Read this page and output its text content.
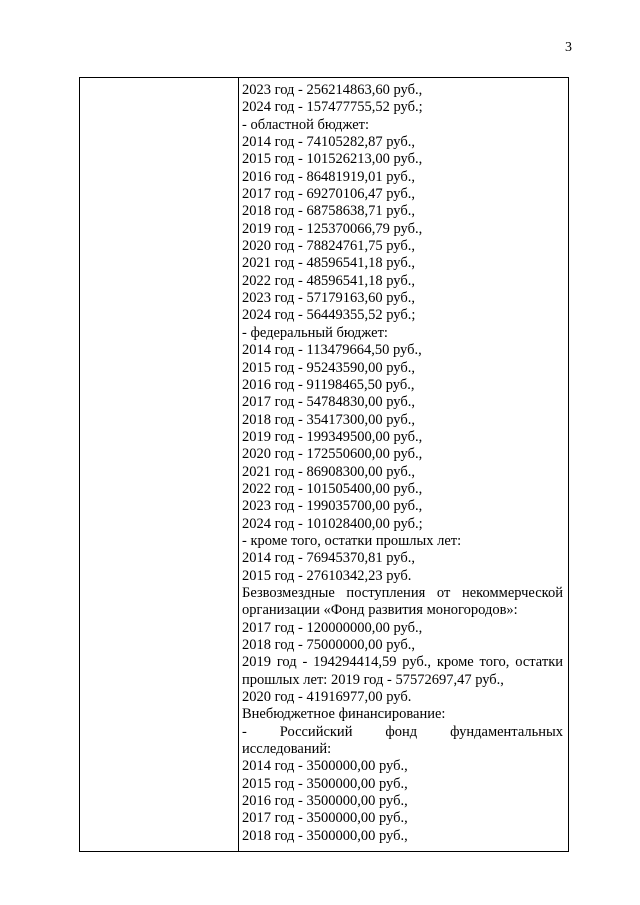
3
2023 год - 256214863,60 руб.,
2024 год - 157477755,52 руб.;
- областной бюджет:
2014 год - 74105282,87 руб.,
2015 год - 101526213,00 руб.,
2016 год - 86481919,01 руб.,
2017 год - 69270106,47 руб.,
2018 год - 68758638,71 руб.,
2019 год - 125370066,79 руб.,
2020 год - 78824761,75 руб.,
2021 год - 48596541,18 руб.,
2022 год - 48596541,18 руб.,
2023 год - 57179163,60 руб.,
2024 год - 56449355,52 руб.;
- федеральный бюджет:
2014 год - 113479664,50 руб.,
2015 год - 95243590,00 руб.,
2016 год - 91198465,50 руб.,
2017 год - 54784830,00 руб.,
2018 год - 35417300,00 руб.,
2019 год - 199349500,00 руб.,
2020 год - 172550600,00 руб.,
2021 год - 86908300,00 руб.,
2022 год - 101505400,00 руб.,
2023 год - 199035700,00 руб.,
2024 год - 101028400,00 руб.;
- кроме того, остатки прошлых лет:
2014 год - 76945370,81 руб.,
2015 год - 27610342,23 руб.
Безвозмездные поступления от некоммерческой организации «Фонд развития моногородов»:
2017 год - 120000000,00 руб.,
2018 год - 75000000,00 руб.,
2019 год - 194294414,59 руб., кроме того, остатки прошлых лет: 2019 год - 57572697,47 руб.,
2020 год - 41916977,00 руб.
Внебюджетное финансирование:
- Российский фонд фундаментальных исследований:
2014 год - 3500000,00 руб.,
2015 год - 3500000,00 руб.,
2016 год - 3500000,00 руб.,
2017 год - 3500000,00 руб.,
2018 год - 3500000,00 руб.,
